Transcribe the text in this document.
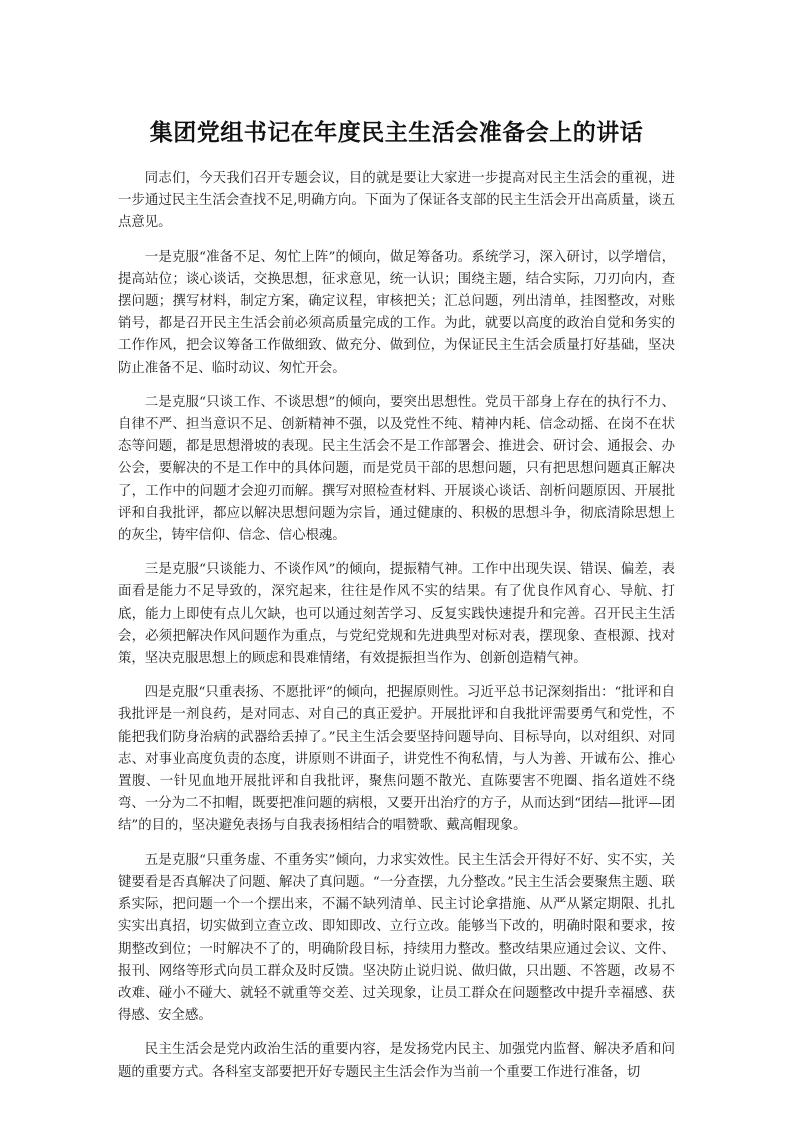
集团党组书记在年度民主生活会准备会上的讲话

同志们，今天我们召开专题会议，目的就是要让大家进一步提高对民主生活会的重视，进一步通过民主生活会查找不足,明确方向。下面为了保证各支部的民主生活会开出高质量，谈五点意见。

一是克服“准备不足、匆忙上阵”的倾向，做足筹备功。系统学习，深入研讨，以学增信，提高站位；谈心谈话，交换思想，征求意见，统一认识；围绕主题，结合实际，刀刃向内，查摆问题；撰写材料，制定方案，确定议程，审核把关；汇总问题，列出清单，挂图整改，对账销号，都是召开民主生活会前必须高质量完成的工作。为此，就要以高度的政治自觉和务实的工作作风，把会议筹备工作做细致、做充分、做到位，为保证民主生活会质量打好基础，坚决防止准备不足、临时动议、匆忙开会。

二是克服“只谈工作、不谈思想”的倾向，要突出思想性。党员干部身上存在的执行不力、自律不严、担当意识不足、创新精神不强，以及党性不纯、精神内耗、信念动摇、在岗不在状态等问题，都是思想滑坡的表现。民主生活会不是工作部署会、推进会、研讨会、通报会、办公会，要解决的不是工作中的具体问题，而是党员干部的思想问题，只有把思想问题真正解决了，工作中的问题才会迎刃而解。撰写对照检查材料、开展谈心谈话、剖析问题原因、开展批评和自我批评，都应以解决思想问题为宗旨，通过健康的、积极的思想斗争，彻底清除思想上的灰尘，铸牢信仰、信念、信心根魂。

三是克服“只谈能力、不谈作风”的倾向，提振精气神。工作中出现失误、错误、偏差，表面看是能力不足导致的，深究起来，往往是作风不实的结果。有了优良作风育心、导航、打底，能力上即使有点儿欠缺，也可以通过刻苦学习、反复实践快速提升和完善。召开民主生活会，必须把解决作风问题作为重点，与党纪党规和先进典型对标对表，摆现象、查根源、找对策，坚决克服思想上的顾虑和畏难情绪，有效提振担当作为、创新创造精气神。

四是克服“只重表扬、不愿批评”的倾向，把握原则性。习近平总书记深刻指出：“批评和自我批评是一剂良药，是对同志、对自己的真正爱护。开展批评和自我批评需要勇气和党性，不能把我们防身治病的武器给丢掉了。”民主生活会要坚持问题导向、目标导向，以对组织、对同志、对事业高度负责的态度，讲原则不讲面子，讲党性不徇私情，与人为善、开诚布公、推心置腹、一针见血地开展批评和自我批评，聚焦问题不散光、直陈要害不兜圈、指名道姓不绕弯、一分为二不扣帽，既要把准问题的病根，又要开出治疗的方子，从而达到“团结—批评—团结”的目的，坚决避免表扬与自我表扬相结合的唱赞歌、戴高帽现象。

五是克服“只重务虚、不重务实”倾向，力求实效性。民主生活会开得好不好、实不实，关键要看是否真解决了问题、解决了真问题。“一分查摆，九分整改。”民主生活会要聚焦主题、联系实际，把问题一个一个摆出来，不漏不缺列清单、民主讨论拿措施、从严从紧定期限、扎扎实实出真招，切实做到立查立改、即知即改、立行立改。能够当下改的，明确时限和要求，按期整改到位；一时解决不了的，明确阶段目标，持续用力整改。整改结果应通过会议、文件、报刊、网络等形式向员工群众及时反馈。坚决防止说归说、做归做，只出题、不答题，改易不改难、碰小不碰大、就轻不就重等交差、过关现象，让员工群众在问题整改中提升幸福感、获得感、安全感。

民主生活会是党内政治生活的重要内容，是发扬党内民主、加强党内监督、解决矛盾和问题的重要方式。各科室支部要把开好专题民主生活会作为当前一个重要工作进行准备，切
